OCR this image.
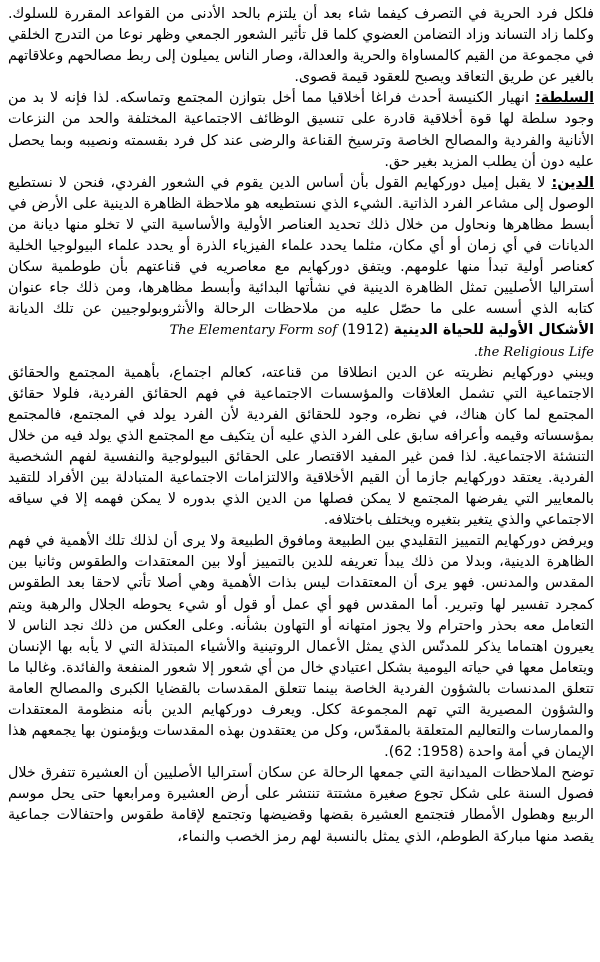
فلكل فرد الحرية في التصرف كيفما شاء بعد أن يلتزم بالحد الأدنى من القواعد المقررة للسلوك. وكلما زاد التساند وزاد التضامن العضوي كلما قل تأثير الشعور الجمعي وظهر نوعا من التدرج الخلقي في مجموعة من القيم كالمساواة والحرية والعدالة، وصار الناس يميلون إلى ربط مصالحهم وعلاقاتهم بالغير عن طريق التعاقد ويصبح للعقود قيمة قصوى.

السلطة: انهيار الكنيسة أحدث فراغا أخلاقيا مما أخل بتوازن المجتمع وتماسكه. لذا فإنه لا بد من وجود سلطة لها قوة أخلاقية قادرة على تنسيق الوظائف الاجتماعية المختلفة والحد من النزعات الأنانية والفردية والمصالح الخاصة وترسيخ القناعة والرضى عند كل فرد بقسمته ونصيبه وبما يحصل عليه دون أن يطلب المزيد بغير حق.

الدين: لا يقبل إميل دوركهايم القول بأن أساس الدين يقوم في الشعور الفردي، فنحن لا نستطيع الوصول إلى مشاعر الفرد الذاتية. الشيء الذي نستطيعه هو ملاحظة الظاهرة الدينية على الأرض في أبسط مظاهرها ونحاول من خلال ذلك تحديد العناصر الأولية والأساسية التي لا تخلو منها ديانة من الديانات في أي زمان أو أي مكان، مثلما يحدد علماء الفيزياء الذرة أو يحدد علماء البيولوجيا الخلية كعناصر أولية تبدأ منها علومهم. ويتفق دوركهايم مع معاصريه في قناعتهم بأن طوطمية سكان أستراليا الأصليين تمثل الظاهرة الدينية في نشأتها البدائية وأبسط مظاهرها، ومن ذلك جاء عنوان كتابه الذي أسسه على ما حصّل عليه من ملاحظات الرحالة والأنثروبولوجيين عن تلك الديانة الأشكال الأولية للحياة الدينية (1912) The Elementary Form sof

the Religious Life.

ويبني دوركهايم نظريته عن الدين انطلاقا من قناعته، كعالم اجتماع، بأهمية المجتمع والحقائق الاجتماعية التي تشمل العلاقات والمؤسسات الاجتماعية في فهم الحقائق الفردية، فلولا حقائق المجتمع لما كان هناك، في نظره، وجود للحقائق الفردية لأن الفرد يولد في المجتمع، فالمجتمع بمؤسساته وقيمه وأعرافه سابق على الفرد الذي عليه أن يتكيف مع المجتمع الذي يولد فيه من خلال التنشئة الاجتماعية. لذا فمن غير المفيد الاقتصار على الحقائق البيولوجية والنفسية لفهم الشخصية الفردية. يعتقد دوركهايم جازما أن القيم الأخلاقية والالتزامات الاجتماعية المتبادلة بين الأفراد للتقيد بالمعايير التي يفرضها المجتمع لا يمكن فصلها من الدين الذي بدوره لا يمكن فهمه إلا في سياقه الاجتماعي والذي يتغير بتغيره ويختلف باختلافه.

ويرفض دوركهايم التمييز التقليدي بين الطبيعة ومافوق الطبيعة ولا يرى أن لذلك تلك الأهمية في فهم الظاهرة الدينية، وبدلا من ذلك يبدأ تعريفه للدين بالتمييز أولا بين المعتقدات والطقوس وثانيا بين المقدس والمدنس. فهو يرى أن المعتقدات ليس بذات الأهمية وهي أصلا تأتي لاحقا بعد الطقوس كمجرد تفسير لها وتبرير. أما المقدس فهو أي عمل أو قول أو شيء يحوطه الجلال والرهبة ويتم التعامل معه بحذر واحترام ولا يجوز امتهانه أو التهاون بشأنه. وعلى العكس من ذلك نجد الناس لا يعيرون اهتماما يذكر للمدنّس الذي يمثل الأعمال الروتينية والأشياء المبتذلة التي لا يأبه بها الإنسان ويتعامل معها في حياته اليومية بشكل اعتيادي خال من أي شعور إلا شعور المنفعة والفائدة. وغالبا ما تتعلق المدنسات بالشؤون الفردية الخاصة بينما تتعلق المقدسات بالقضايا الكبرى والمصالح العامة والشؤون المصيرية التي تهم المجموعة ككل. ويعرف دوركهايم الدين بأنه منظومة المعتقدات والممارسات والتعاليم المتعلقة بالمقدّس، وكل من يعتقدون بهذه المقدسات ويؤمنون بها يجمعهم هذا الإيمان في أمة واحدة (1958: 62).

توضح الملاحظات الميدانية التي جمعها الرحالة عن سكان أستراليا الأصليين أن العشيرة تتفرق خلال فصول السنة على شكل تجوع صغيرة مشتتة تنتشر على أرض العشيرة ومرابعها حتى يحل موسم الربيع وهطول الأمطار فتجتمع العشيرة بقضها وقضيضها وتجتمع لإقامة طقوس واحتفالات جماعية يقصد منها مباركة الطوطم، الذي يمثل بالنسبة لهم رمز الخصب والنماء،
